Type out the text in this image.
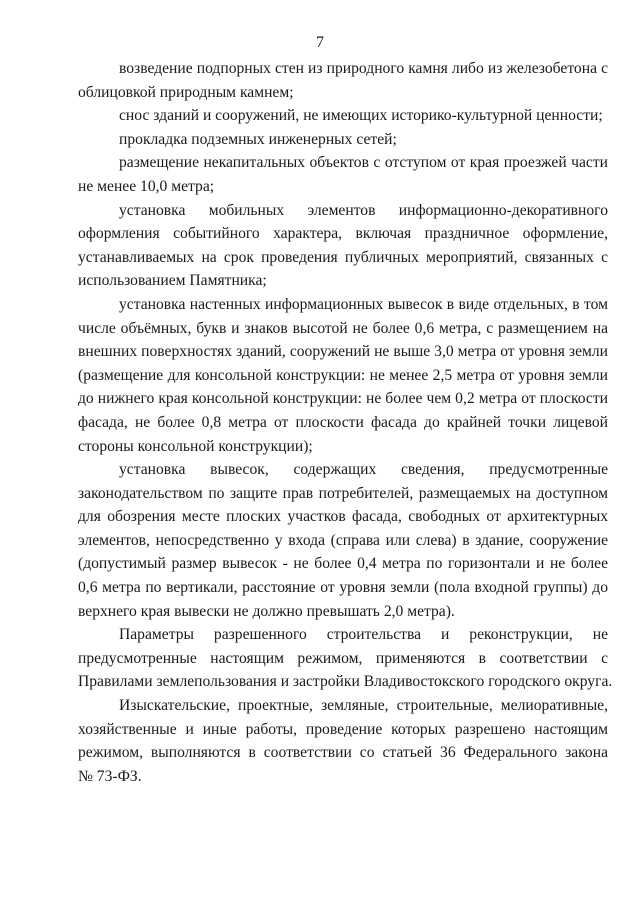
7
возведение подпорных стен из природного камня либо из железобетона с
облицовкой природным камнем;
снос зданий и сооружений, не имеющих историко-культурной ценности;
прокладка подземных инженерных сетей;
размещение некапитальных объектов с отступом от края проезжей части
не менее 10,0 метра;
установка мобильных элементов информационно-декоративного
оформления событийного характера, включая праздничное оформление,
устанавливаемых на срок проведения публичных мероприятий, связанных с
использованием Памятника;
установка настенных информационных вывесок в виде отдельных, в том
числе объёмных, букв и знаков высотой не более 0,6 метра, с размещением на
внешних поверхностях зданий, сооружений не выше 3,0 метра от уровня земли
(размещение для консольной конструкции: не менее 2,5 метра от уровня земли
до нижнего края консольной конструкции: не более чем 0,2 метра от плоскости
фасада, не более 0,8 метра от плоскости фасада до крайней точки лицевой
стороны консольной конструкции);
установка вывесок, содержащих сведения, предусмотренные
законодательством по защите прав потребителей, размещаемых на доступном
для обозрения месте плоских участков фасада, свободных от архитектурных
элементов, непосредственно у входа (справа или слева) в здание, сооружение
(допустимый размер вывесок - не более 0,4 метра по горизонтали и не более
0,6 метра по вертикали, расстояние от уровня земли (пола входной группы) до
верхнего края вывески не должно превышать 2,0 метра).
Параметры разрешенного строительства и реконструкции, не
предусмотренные настоящим режимом, применяются в соответствии с
Правилами землепользования и застройки Владивостокского городского округа.
Изыскательские, проектные, земляные, строительные, мелиоративные,
хозяйственные и иные работы, проведение которых разрешено настоящим
режимом, выполняются в соответствии со статьей 36 Федерального закона
№ 73-ФЗ.
